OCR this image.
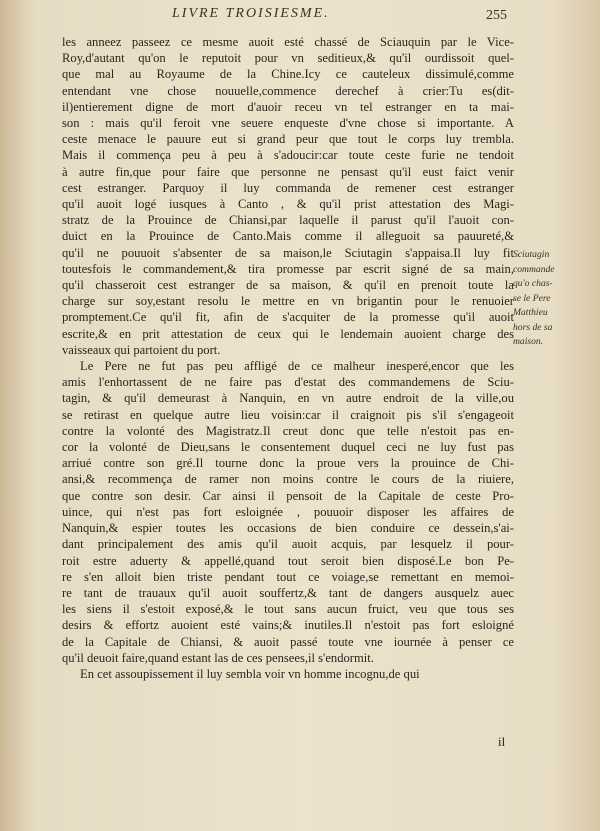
LIVRE TROISIESME.	255

les anneez passeez ce mesme auoit esté chassé de Sciauquin par le Vice-
Roy,d'autant qu'on le reputoit pour vn seditieux,& qu'il ourdissoit quel-
que mal au Royaume de la Chine.Icy ce cauteleux dissimulé,comme
entendant vne chose nouuelle,commence derechef à crier:Tu es(dit-
il)entierement digne de mort d'auoir receu vn tel estranger en ta mai-
son : mais qu'il feroit vne seuere enqueste d'vne chose si importante. A
ceste menace le pauure eut si grand peur que tout le corps luy trembla.
Mais il commença peu à peu à s'adoucir:car toute ceste furie ne tendoit
à autre fin,que pour faire que personne ne pensast qu'il eust faict venir
cest estranger. Parquoy il luy commanda de remener cest estranger
qu'il auoit logé iusques à Canto , & qu'il prist attestation des Magi-
stratz de la Prouince de Chiansi,par laquelle il parust qu'il l'auoit con-
duict en la Prouince de Canto.Mais comme il alleguoit sa pauureté,&
qu'il ne pouuoit s'absenter de sa maison,le Sciutagin s'appaisa.Il luy fit
toutesfois le commandement,& tira promesse par escrit signé de sa main,
qu'il chasseroit cest estranger de sa maison, & qu'il en prenoit toute la
charge sur soy,estant resolu le mettre en vn brigantin pour le renuoier
promptement.Ce qu'il fit, afin de s'acquiter de la promesse qu'il auoit
escrite,& en prit attestation de ceux qui le lendemain auoient charge des
vaisseaux qui partoient du port.

Le Pere ne fut pas peu affligé de ce malheur inesperé,encor que les
amis l'enhortassent de ne faire pas d'estat des commandemens de Sciu-
tagin, & qu'il demeurast à Nanquin, en vn autre endroit de la ville,ou
se retirast en quelque autre lieu voisin:car il craignoit pis s'il s'engageoit
contre la volonté des Magistratz.Il creut donc que telle n'estoit pas en-
cor la volonté de Dieu,sans le consentement duquel ceci ne luy fust pas
arriué contre son gré.Il tourne donc la proue vers la prouince de Chi-
ansi,& recommença de ramer non moins contre le cours de la riuiere,
que contre son desir. Car ainsi il pensoit de la Capitale de ceste Pro-
uince, qui n'est pas fort esloignée , pouuoir disposer les affaires de
Nanquin,& espier toutes les occasions de bien conduire ce dessein,s'ai-
dant principalement des amis qu'il auoit acquis, par lesquelz il pour-
roit estre aduerty & appellé,quand tout seroit bien disposé.Le bon Pe-
re s'en alloit bien triste pendant tout ce voiage,se remettant en memoi-
re tant de trauaux qu'il auoit souffertz,& tant de dangers ausquelz auec
les siens il s'estoit exposé,& le tout sans aucun fruict, veu que tous ses
desirs & effortz auoient esté vains;& inutiles.Il n'estoit pas fort esloigné
de la Capitale de Chiansi, & auoit passé toute vne iournée à penser ce
qu'il deuoit faire,quand estant las de ces pensees,il s'endormit.

En cet assoupissement il luy sembla voir vn homme incognu,de qui

Sciutagin
commande
qu'o chas-
se le Pere
Matthieu
hors de sa
maison.
il
